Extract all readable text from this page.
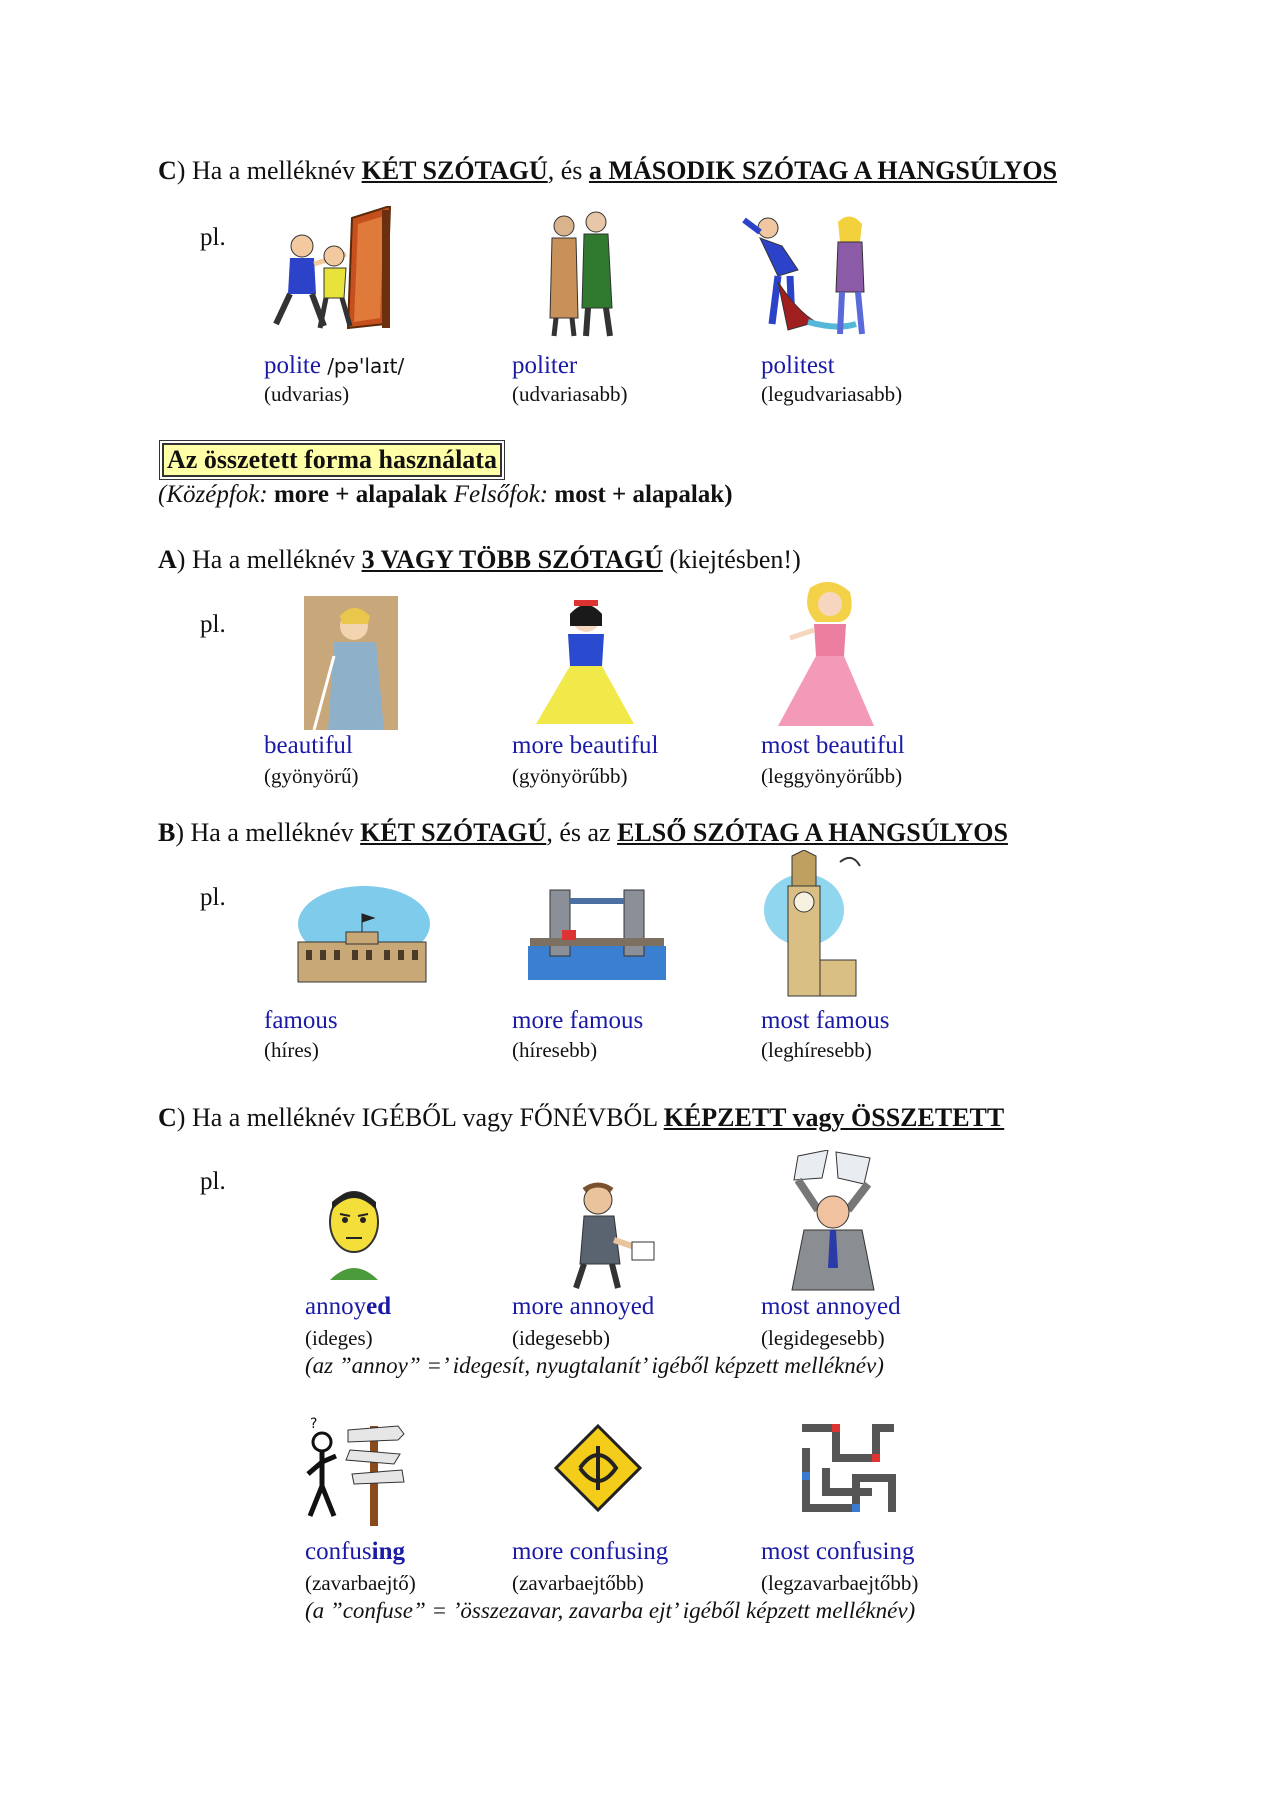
C) Ha a melléknév KÉT SZÓTAGÚ, és a MÁSODIK SZÓTAG A HANGSÚLYOS
pl.
polite /pə'laɪt/	politer	politest
(udvarias)	(udvariasabb)	(legudvariasabb)
Az összetett forma használata
(Középfok: more + alapalak Felsőfok: most + alapalak)
A) Ha a melléknév 3 VAGY TÖBB SZÓTAGÚ (kiejtésben!)
pl.
beautiful	more beautiful	most beautiful
(gyönyörű)	(gyönyörűbb)	(leggyönyörűbb)
B) Ha a melléknév KÉT SZÓTAGÚ, és az ELSŐ SZÓTAG A HANGSÚLYOS
pl.
famous	more famous	most famous
(híres)	(híresebb)	(leghíresebb)
C) Ha a melléknév IGÉBŐL vagy FŐNÉVBŐL KÉPZETT vagy ÖSSZETETT
pl.
annoyed	more annoyed	most annoyed
(ideges)	(idegesebb)	(legidegesebb)
(az ”annoy” =’ idegesít, nyugtalanít’ igéből képzett melléknév)
?
confusing	more confusing	most confusing
(zavarbaejtő)	(zavarbaejtőbb)	(legzavarbaejtőbb)
(a ”confuse” = ’összezavar, zavarba ejt’ igéből képzett melléknév)
